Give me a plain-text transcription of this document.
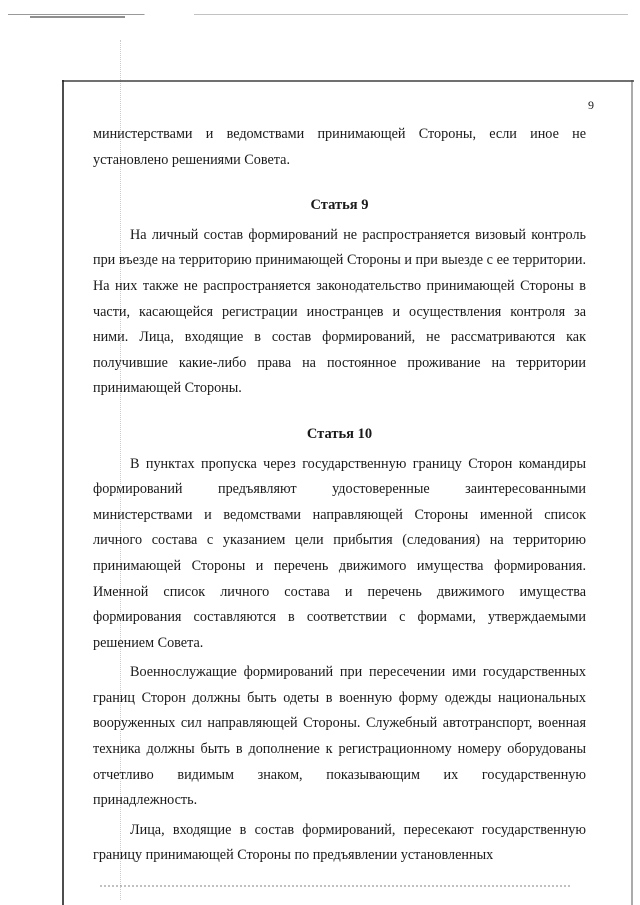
9

министерствами и ведомствами принимающей Стороны, если иное не установлено решениями Совета.

Статья 9

На личный состав формирований не распространяется визовый контроль при въезде на территорию принимающей Стороны и при выезде с ее территории. На них также не распространяется законодательство принимающей Стороны в части, касающейся регистрации иностранцев и осуществления контроля за ними. Лица, входящие в состав формирований, не рассматриваются как получившие какие-либо права на постоянное проживание на территории принимающей Стороны.

Статья 10

В пунктах пропуска через государственную границу Сторон командиры формирований предъявляют удостоверенные заинтересованными министерствами и ведомствами направляющей Стороны именной список личного состава с указанием цели прибытия (следования) на территорию принимающей Стороны и перечень движимого имущества формирования. Именной список личного состава и перечень движимого имущества формирования составляются в соответствии с формами, утверждаемыми решением Совета.

Военнослужащие формирований при пересечении ими государственных границ Сторон должны быть одеты в военную форму одежды национальных вооруженных сил направляющей Стороны. Служебный автотранспорт, военная техника должны быть в дополнение к регистрационному номеру оборудованы отчетливо видимым знаком, показывающим их государственную принадлежность.

Лица, входящие в состав формирований, пересекают государственную границу принимающей Стороны по предъявлении установленных
